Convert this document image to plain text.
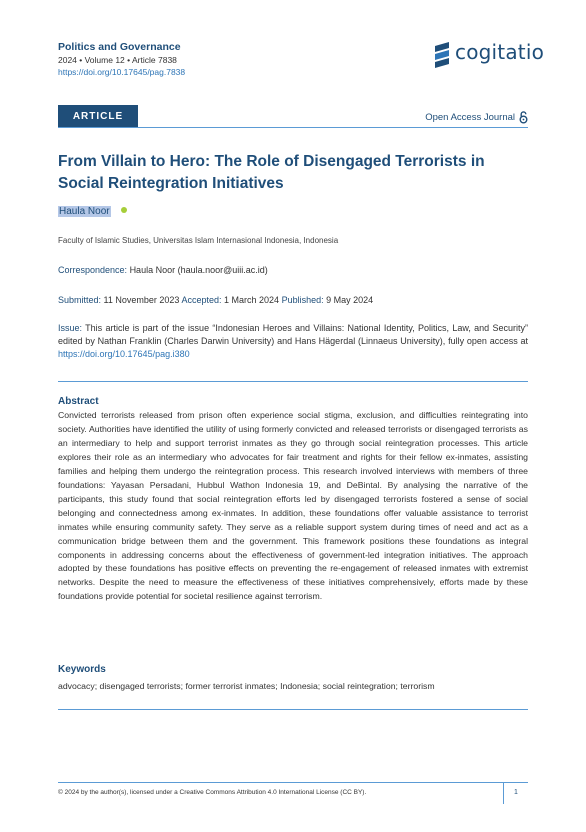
Politics and Governance
2024 • Volume 12 • Article 7838
https://doi.org/10.17645/pag.7838
cogitatio
ARTICLE	Open Access Journal
From Villain to Hero: The Role of Disengaged Terrorists in Social Reintegration Initiatives
Haula Noor
Faculty of Islamic Studies, Universitas Islam Internasional Indonesia, Indonesia
Correspondence: Haula Noor (haula.noor@uiii.ac.id)
Submitted: 11 November 2023 Accepted: 1 March 2024 Published: 9 May 2024
Issue: This article is part of the issue “Indonesian Heroes and Villains: National Identity, Politics, Law, and Security” edited by Nathan Franklin (Charles Darwin University) and Hans Hägerdal (Linnaeus University), fully open access at https://doi.org/10.17645/pag.i380
Abstract
Convicted terrorists released from prison often experience social stigma, exclusion, and difficulties reintegrating into society. Authorities have identified the utility of using formerly convicted and released terrorists or disengaged terrorists as an intermediary to help and support terrorist inmates as they go through social reintegration processes. This article explores their role as an intermediary who advocates for fair treatment and rights for their fellow ex-inmates, assisting families and helping them undergo the reintegration process. This research involved interviews with members of three foundations: Yayasan Persadani, Hubbul Wathon Indonesia 19, and DeBintal. By analysing the narrative of the participants, this study found that social reintegration efforts led by disengaged terrorists fostered a sense of social belonging and connectedness among ex-inmates. In addition, these foundations offer valuable assistance to terrorist inmates while ensuring community safety. They serve as a reliable support system during times of need and act as a communication bridge between them and the government. This framework positions these foundations as integral components in addressing concerns about the effectiveness of government-led integration initiatives. The approach adopted by these foundations has positive effects on preventing the re-engagement of released inmates with extremist networks. Despite the need to measure the effectiveness of these initiatives comprehensively, efforts made by these foundations provide potential for societal resilience against terrorism.
Keywords
advocacy; disengaged terrorists; former terrorist inmates; Indonesia; social reintegration; terrorism
© 2024 by the author(s), licensed under a Creative Commons Attribution 4.0 International License (CC BY).	1
